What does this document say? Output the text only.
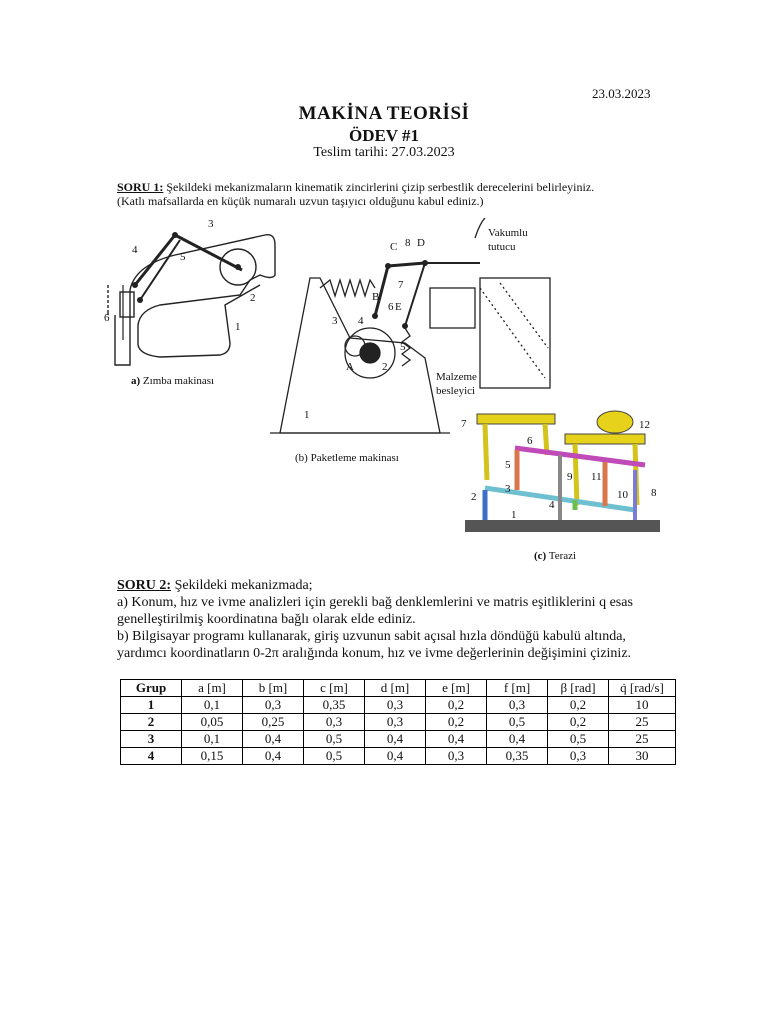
23.03.2023
MAKİNA TEORİSİ
ÖDEV #1
Teslim tarihi: 27.03.2023
SORU 1: Şekildeki mekanizmaların kinematik zincirlerini çizip serbestlik derecelerini belirleyiniz.
(Katlı mafsallarda en küçük numaralı uzvun taşıyıcı olduğunu kabul ediniz.)
3
4
5
2
6
1
a) Zımba makinası
C 8 D
7
B
6 E
3 4
5
A	2
1
Vakumlu
tutucu
Malzeme
besleyici
(b) Paketleme makinası
7	12
6
5
9 11
3
2	10 8
4
1
(c) Terazi
SORU 2: Şekildeki mekanizmada;
a) Konum, hız ve ivme analizleri için gerekli bağ denklemlerini ve matris eşitliklerini q esas genelleştirilmiş koordinatına bağlı olarak elde ediniz.
b) Bilgisayar programı kullanarak, giriş uzvunun sabit açısal hızla döndüğü kabulü altında, yardımcı koordinatların 0-2π aralığında konum, hız ve ivme değerlerinin değişimini çiziniz.
Grup	a [m]	b [m]	c [m]	d [m]	e [m]	f [m]	β [rad]	q̇ [rad/s]
1	0,1	0,3	0,35	0,3	0,2	0,3	0,2	10
2	0,05	0,25	0,3	0,3	0,2	0,5	0,2	25
3	0,1	0,4	0,5	0,4	0,4	0,4	0,5	25
4	0,15	0,4	0,5	0,4	0,3	0,35	0,3	30
